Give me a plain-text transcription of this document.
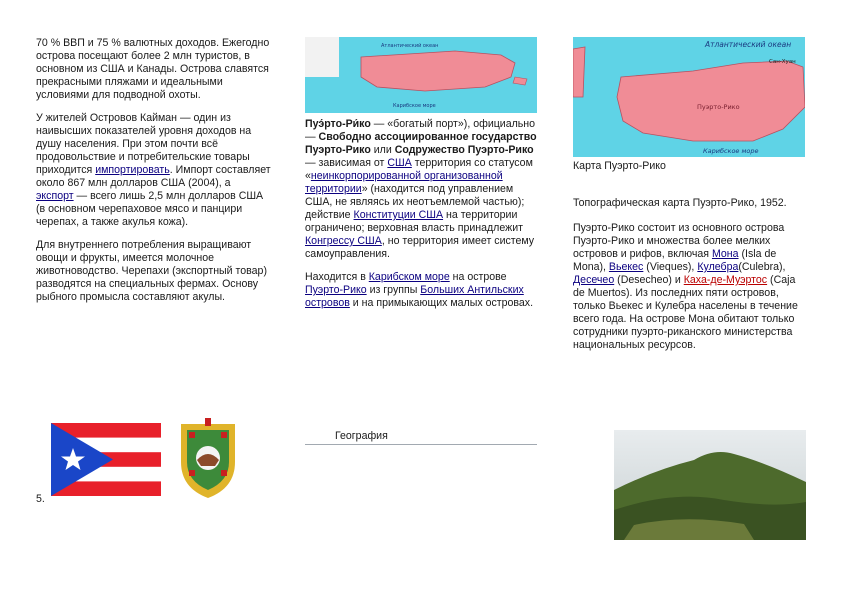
70 % ВВП и 75 % валютных доходов. Ежегодно острова посещают более 2 млн туристов, в основном из США и Канады. Острова славятся прекрасными пляжами и идеальными условиями для подводной охоты.

У жителей Островов Кайман — один из наивысших показателей уровня доходов на душу населения. При этом почти всё продовольствие и потребительские товары приходится импортировать. Импорт составляет около 867 млн долларов США (2004), а экспорт — всего лишь 2,5 млн долларов США (в основном черепаховое мясо и панцири черепах, а также акулья кожа).

Для внутреннего потребления выращивают овощи и фрукты, имеется молочное животноводство. Черепахи (экспортный товар) разводятся на специальных фермах. Основу рыбного промысла составляют акулы.

5.
Атлантический океан
Карибское море

Пуэ́рто-Ри́ко — «богатый порт»), официально — Свободно ассоциированное государство Пуэрто-Рико или Содружество Пуэрто-Рико — зависимая от США территория со статусом «неинкорпорированной организованной территории» (находится под управлением США, не являясь их неотъемлемой частью); действие Конституции США на территории ограничено; верховная власть принадлежит Конгрессу США, но территория имеет систему самоуправления.

Находится в Карибском море на острове Пуэрто-Рико из группы Больших Антильских островов и на примыкающих малых островах.

География
Атлантический океан
Сан-Хуан
Пуэрто-Рико
Карибское море

Карта Пуэрто-Рико

Топографическая карта Пуэрто-Рико, 1952.

Пуэрто-Рико состоит из основного острова Пуэрто-Рико и множества более мелких островов и рифов, включая Мона (Isla de Mona), Вьекес (Vieques), Кулебра(Culebra), Десечео (Desecheo) и Каха-де-Муэртос (Caja de Muertos). Из последних пяти островов, только Вьекес и Кулебра населены в течение всего года. На острове Мона обитают только сотрудники пуэрто-риканского министерства национальных ресурсов.
